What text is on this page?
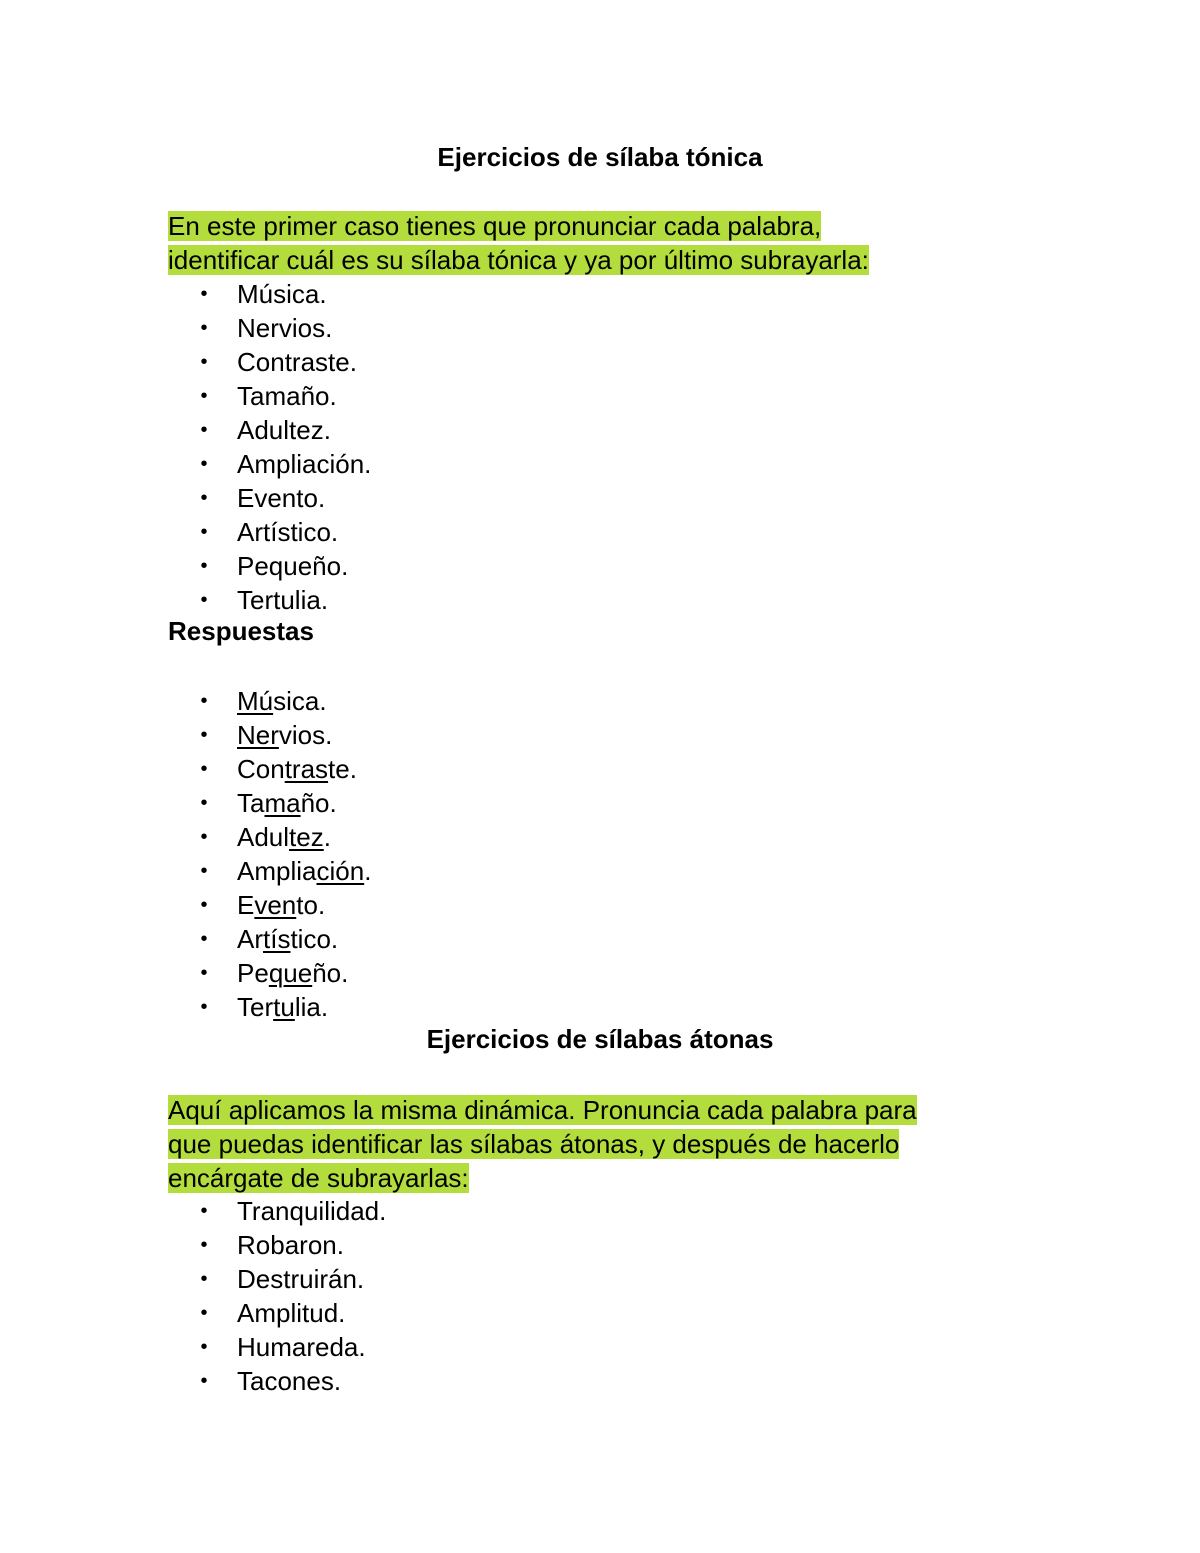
Ejercicios de sílaba tónica

En este primer caso tienes que pronunciar cada palabra,
identificar cuál es su sílaba tónica y ya por último subrayarla:

• Música.
• Nervios.
• Contraste.
• Tamaño.
• Adultez.
• Ampliación.
• Evento.
• Artístico.
• Pequeño.
• Tertulia.

Respuestas

• Música.
• Nervios.
• Contraste.
• Tamaño.
• Adultez.
• Ampliación.
• Evento.
• Artístico.
• Pequeño.
• Tertulia.
Ejercicios de sílabas átonas

Aquí aplicamos la misma dinámica. Pronuncia cada palabra para
que puedas identificar las sílabas átonas, y después de hacerlo
encárgate de subrayarlas:

• Tranquilidad.
• Robaron.
• Destruirán.
• Amplitud.
• Humareda.
• Tacones.
